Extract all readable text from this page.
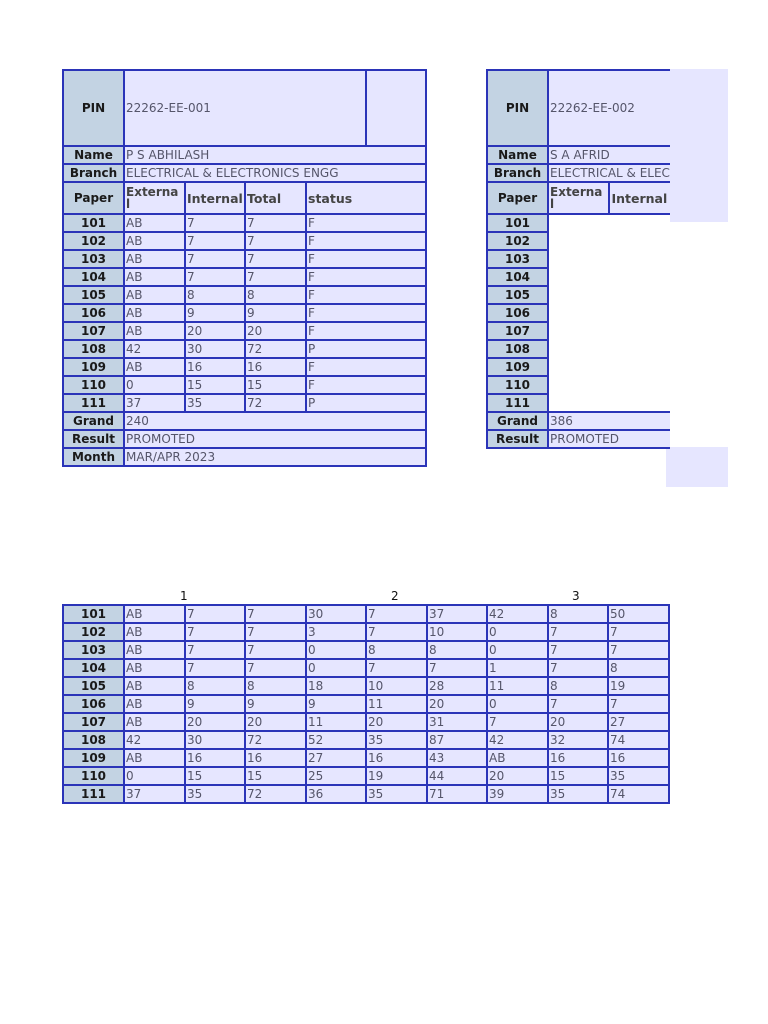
PIN	22262-EE-001				
Name	P S ABHILASH				
Branch	ELECTRICAL & ELECTRONICS ENGG				
Paper	Externa l	Internal	Total	status	
101	AB	7	7	F	
102	AB	7	7	F	
103	AB	7	7	F	
104	AB	7	7	F	
105	AB	8	8	F	
106	AB	9	9	F	
107	AB	20	20	F	
108	42	30	72	P	
109	AB	16	16	F	
110	0	15	15	F	
111	37	35	72	P	
Grand	240				
Result	PROMOTED				
Month	MAR/APR 2023				
PIN	22262-EE-002	
Name	S A AFRID	
Branch	ELECTRICAL & ELEC	
Paper	Externa l	Internal
101		
102		
103		
104		
105		
106		
107		
108		
109		
110		
111		
Grand	386	
Result	PROMOTED	
1	2	3
101	AB	7	7	30	7	37	42	8	50
102	AB	7	7	3	7	10	0	7	7
103	AB	7	7	0	8	8	0	7	7
104	AB	7	7	0	7	7	1	7	8
105	AB	8	8	18	10	28	11	8	19
106	AB	9	9	9	11	20	0	7	7
107	AB	20	20	11	20	31	7	20	27
108	42	30	72	52	35	87	42	32	74
109	AB	16	16	27	16	43	AB	16	16
110	0	15	15	25	19	44	20	15	35
111	37	35	72	36	35	71	39	35	74
